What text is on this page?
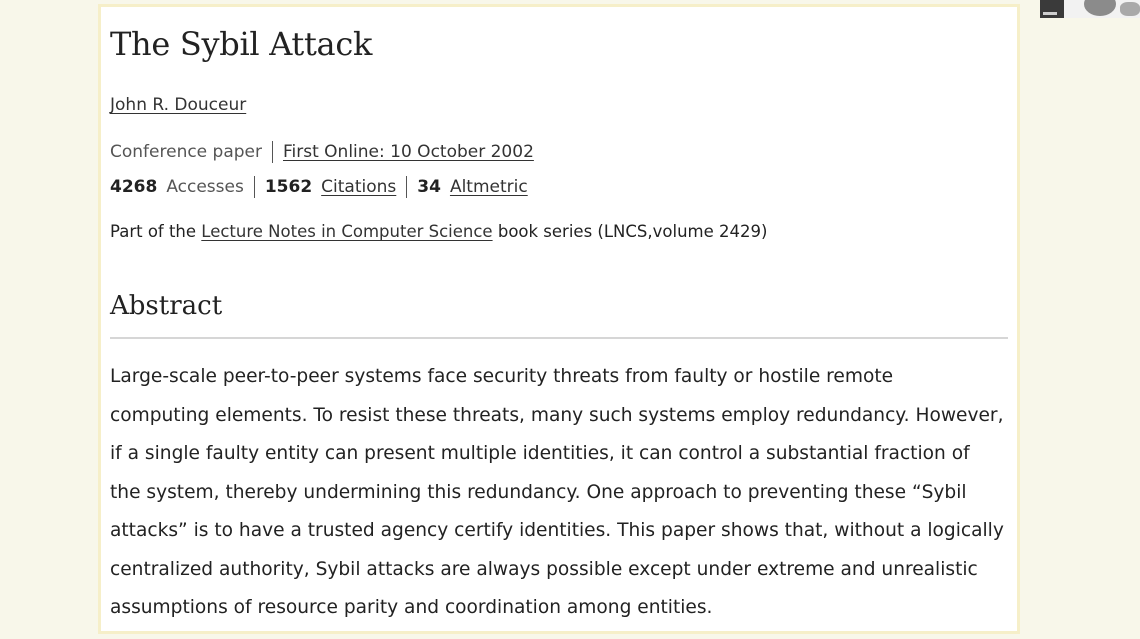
The Sybil Attack
John R. Douceur
Conference paper First Online: 10 October 2002
4268 Accesses 1562 Citations 34 Altmetric
Part of the Lecture Notes in Computer Science book series (LNCS,volume 2429)
Abstract

Large-scale peer-to-peer systems face security threats from faulty or hostile remote
computing elements. To resist these threats, many such systems employ redundancy. However,
if a single faulty entity can present multiple identities, it can control a substantial fraction of
the system, thereby undermining this redundancy. One approach to preventing these “Sybil
attacks” is to have a trusted agency certify identities. This paper shows that, without a logically
centralized authority, Sybil attacks are always possible except under extreme and unrealistic
assumptions of resource parity and coordination among entities.
